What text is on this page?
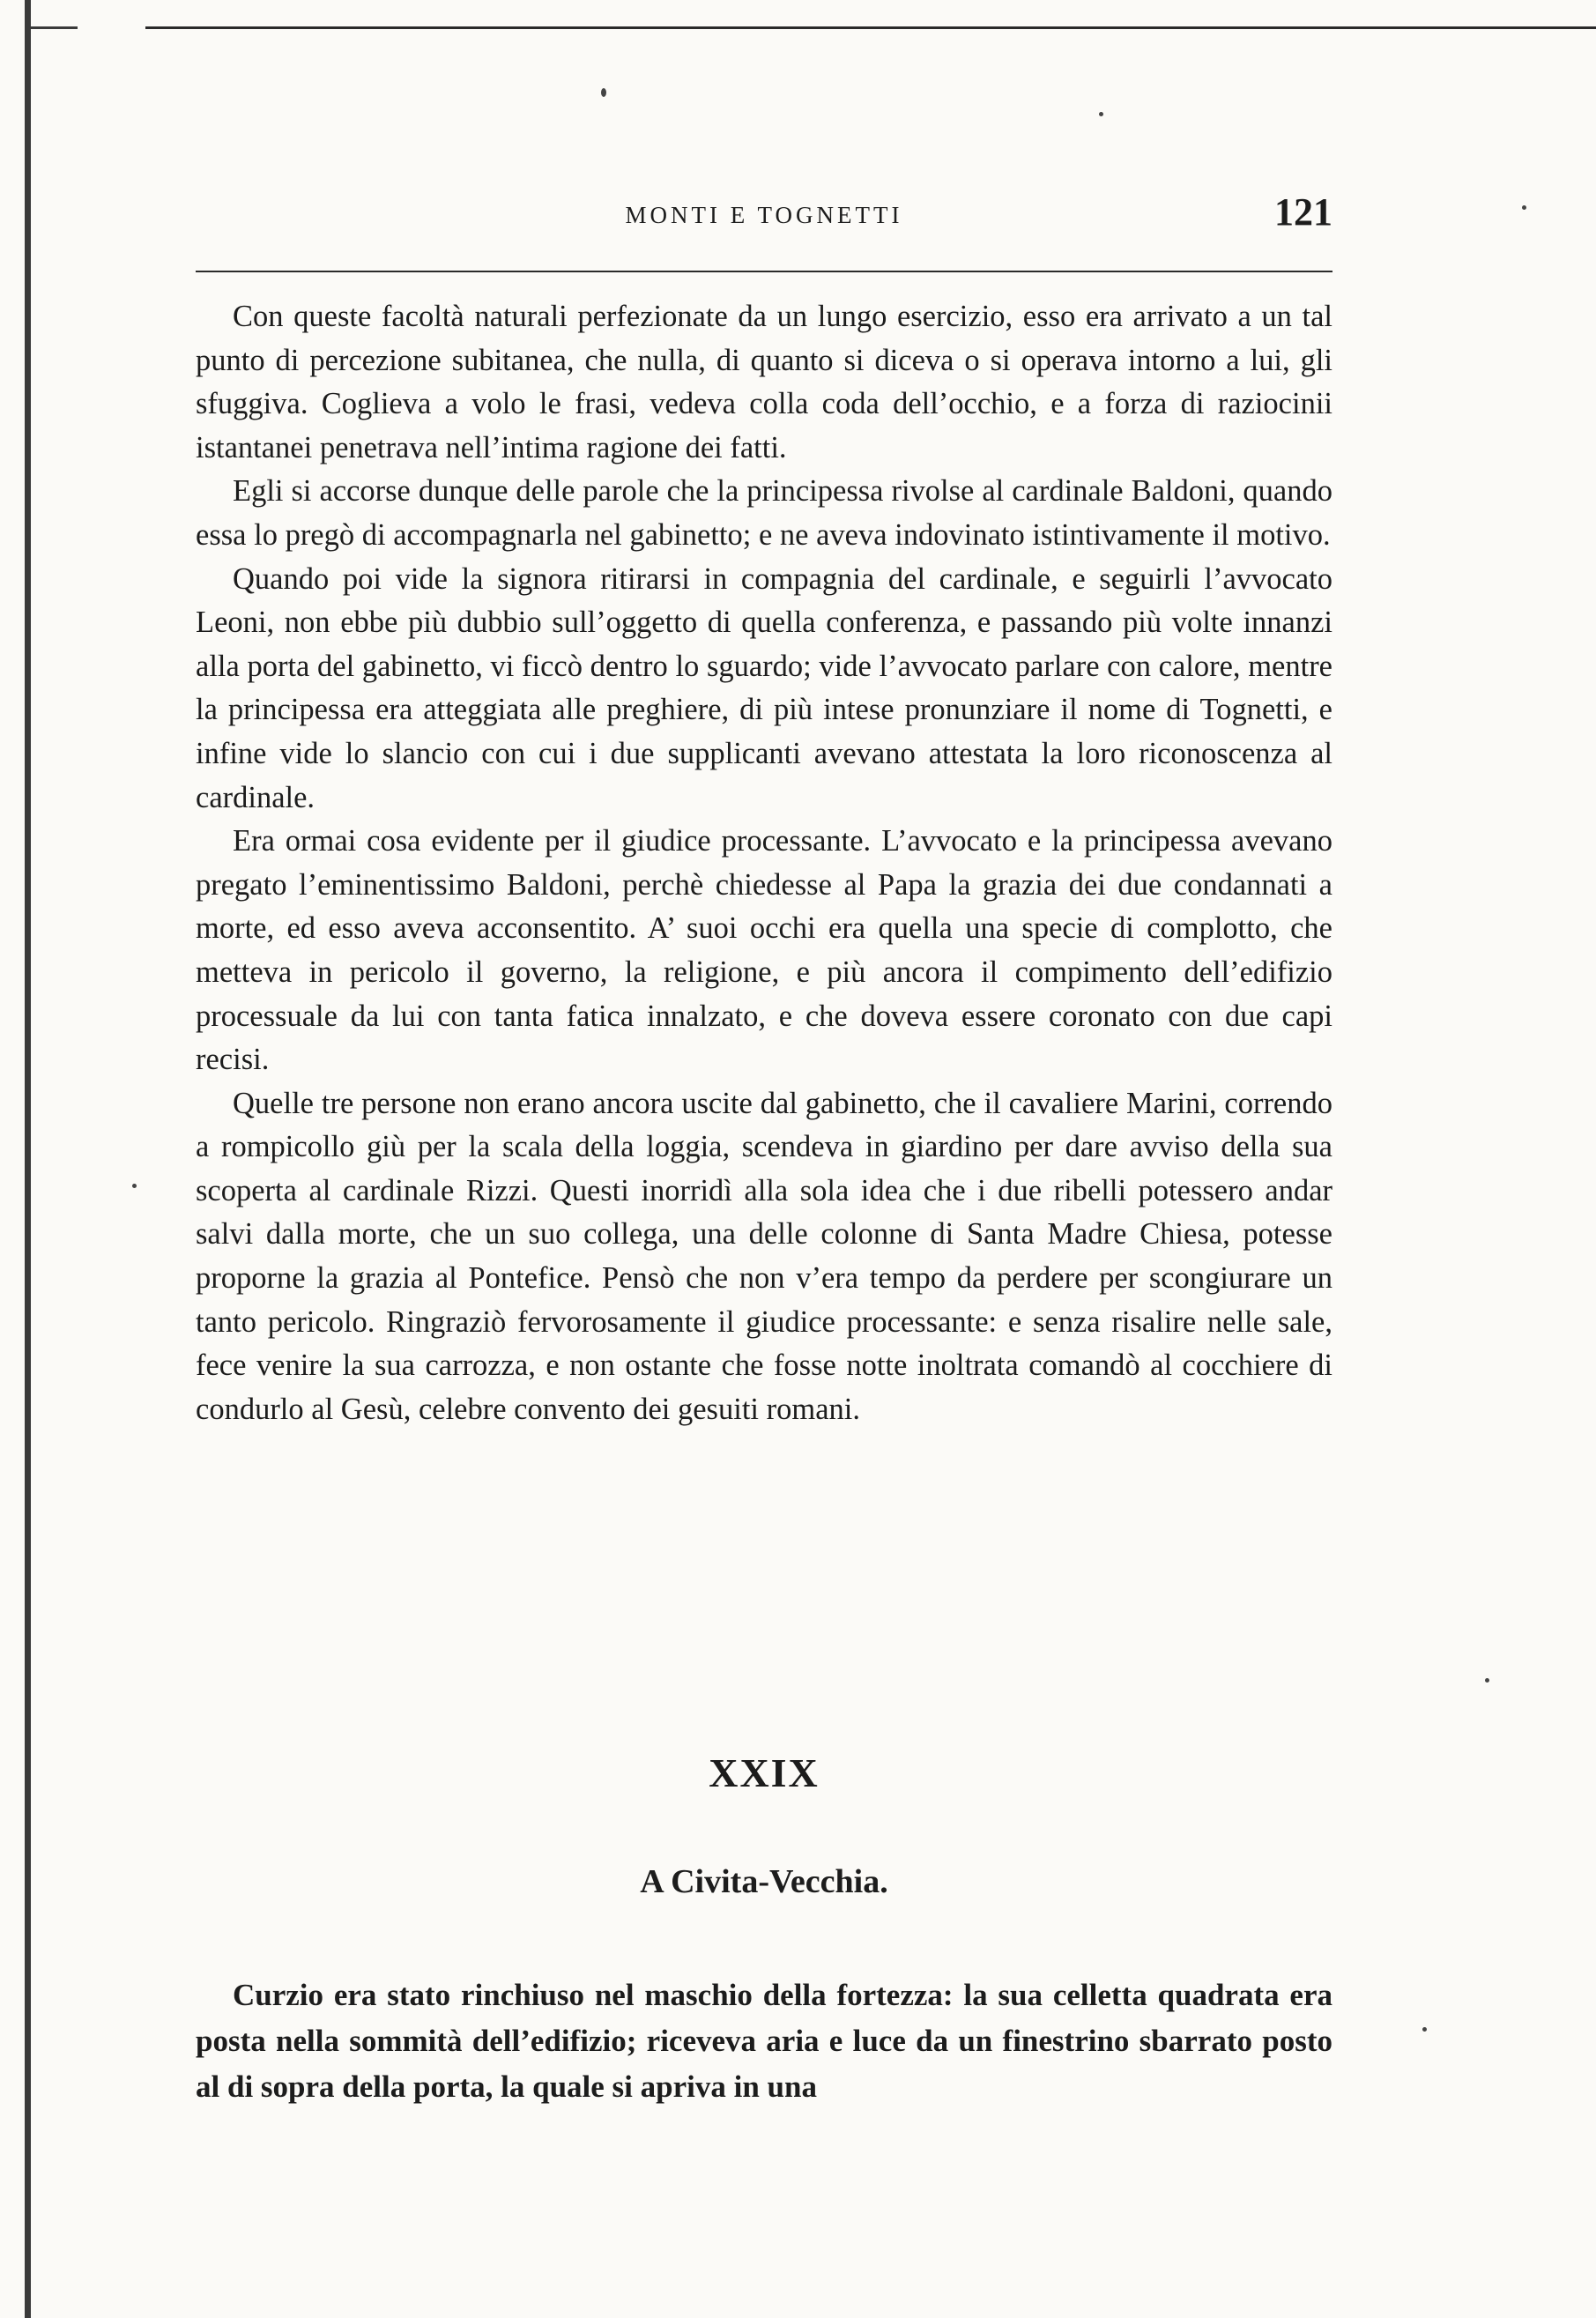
MONTI E TOGNETTI	121

Con queste facoltà naturali perfezionate da un lungo esercizio, esso era arrivato a un tal punto di percezione subitanea, che nulla, di quanto si diceva o si operava intorno a lui, gli sfuggiva. Coglieva a volo le frasi, vedeva colla coda dell’occhio, e a forza di raziocinii istantanei penetrava nell’intima ragione dei fatti.

Egli si accorse dunque delle parole che la principessa rivolse al cardinale Baldoni, quando essa lo pregò di accompagnarla nel gabinetto; e ne aveva indovinato istintivamente il motivo.

Quando poi vide la signora ritirarsi in compagnia del cardinale, e seguirli l’avvocato Leoni, non ebbe più dubbio sull’oggetto di quella conferenza, e passando più volte innanzi alla porta del gabinetto, vi ficcò dentro lo sguardo; vide l’avvocato parlare con calore, mentre la principessa era atteggiata alle preghiere, di più intese pronunziare il nome di Tognetti, e infine vide lo slancio con cui i due supplicanti avevano attestata la loro riconoscenza al cardinale.

Era ormai cosa evidente per il giudice processante. L’avvocato e la principessa avevano pregato l’eminentissimo Baldoni, perchè chiedesse al Papa la grazia dei due condannati a morte, ed esso aveva acconsentito. A’ suoi occhi era quella una specie di complotto, che metteva in pericolo il governo, la religione, e più ancora il compimento dell’edifizio processuale da lui con tanta fatica innalzato, e che doveva essere coronato con due capi recisi.

Quelle tre persone non erano ancora uscite dal gabinetto, che il cavaliere Marini, correndo a rompicollo giù per la scala della loggia, scendeva in giardino per dare avviso della sua scoperta al cardinale Rizzi. Questi inorridì alla sola idea che i due ribelli potessero andar salvi dalla morte, che un suo collega, una delle colonne di Santa Madre Chiesa, potesse proporne la grazia al Pontefice. Pensò che non v’era tempo da perdere per scongiurare un tanto pericolo. Ringraziò fervorosamente il giudice processante: e senza risalire nelle sale, fece venire la sua carrozza, e non ostante che fosse notte inoltrata comandò al cocchiere di condurlo al Gesù, celebre convento dei gesuiti romani.

XXIX
A Civita-Vecchia.

Curzio era stato rinchiuso nel maschio della fortezza: la sua celletta quadrata era posta nella sommità dell’edifizio; riceveva aria e luce da un finestrino sbarrato posto al di sopra della porta, la quale si apriva in una
